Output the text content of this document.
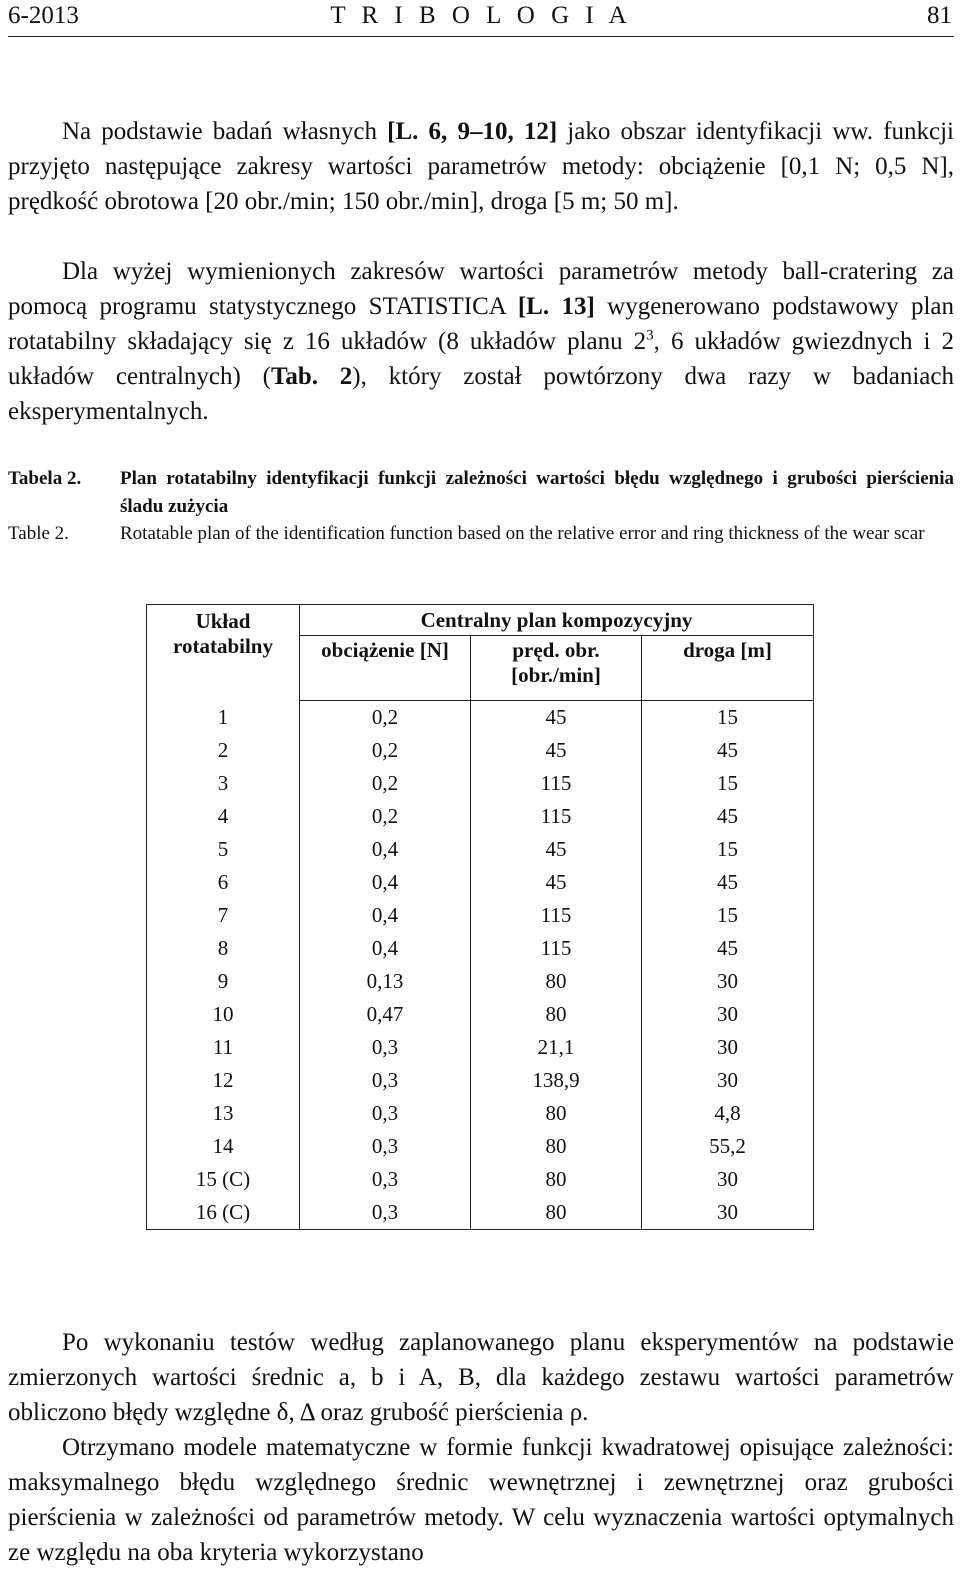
6-2013	T R I B O L O G I A	81

Na podstawie badań własnych [L. 6, 9–10, 12] jako obszar identyfikacji ww. funkcji przyjęto następujące zakresy wartości parametrów metody: obciążenie [0,1 N; 0,5 N], prędkość obrotowa [20 obr./min; 150 obr./min], droga [5 m; 50 m].

Dla wyżej wymienionych zakresów wartości parametrów metody ball-cratering za pomocą programu statystycznego STATISTICA [L. 13] wygenerowano podstawowy plan rotatabilny składający się z 16 układów (8 układów planu $2^3$, 6 układów gwiezdnych i 2 układów centralnych) (Tab. 2), który został powtórzony dwa razy w badaniach eksperymentalnych.

Tabela 2.	Plan rotatabilny identyfikacji funkcji zależności wartości błędu względnego i grubości pierścienia śladu zużycia
Table 2.	Rotatable plan of the identification function based on the relative error and ring thickness of the wear scar
Układ rotatabilny	Centralny plan kompozycyjny		
	obciążenie [N]	pręd. obr. [obr./min]	droga [m]
1	0,2	45	15
2	0,2	45	45
3	0,2	115	15
4	0,2	115	45
5	0,4	45	15
6	0,4	45	45
7	0,4	115	15
8	0,4	115	45
9	0,13	80	30
10	0,47	80	30
11	0,3	21,1	30
12	0,3	138,9	30
13	0,3	80	4,8
14	0,3	80	55,2
15 (C)	0,3	80	30
16 (C)	0,3	80	30

Po wykonaniu testów według zaplanowanego planu eksperymentów na podstawie zmierzonych wartości średnic a, b i A, B, dla każdego zestawu wartości parametrów obliczono błędy względne δ, Δ oraz grubość pierścienia ρ.

Otrzymano modele matematyczne w formie funkcji kwadratowej opisujące zależności: maksymalnego błędu względnego średnic wewnętrznej i zewnętrznej oraz grubości pierścienia w zależności od parametrów metody. W celu wyznaczenia wartości optymalnych ze względu na oba kryteria wykorzystano
